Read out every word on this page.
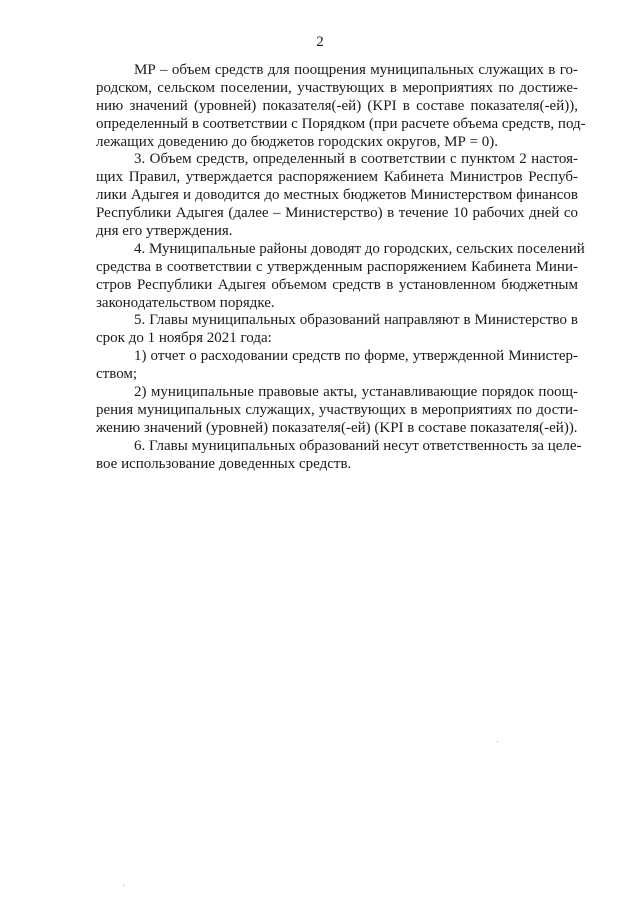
2
МР – объем средств для поощрения муниципальных служащих в го-
родском, сельском поселении, участвующих в мероприятиях по достиже-
нию значений (уровней) показателя(-ей) (KPI в составе показателя(-ей)),
определенный в соответствии с Порядком (при расчете объема средств, под-
лежащих доведению до бюджетов городских округов, МР = 0).
3. Объем средств, определенный в соответствии с пунктом 2 настоя-
щих Правил, утверждается распоряжением Кабинета Министров Респуб-
лики Адыгея и доводится до местных бюджетов Министерством финансов
Республики Адыгея (далее – Министерство) в течение 10 рабочих дней со
дня его утверждения.
4. Муниципальные районы доводят до городских, сельских поселений
средства в соответствии с утвержденным распоряжением Кабинета Мини-
стров Республики Адыгея объемом средств в установленном бюджетным
законодательством порядке.
5. Главы муниципальных образований направляют в Министерство в
срок до 1 ноября 2021 года:
1) отчет о расходовании средств по форме, утвержденной Министер-
ством;
2) муниципальные правовые акты, устанавливающие порядок поощ-
рения муниципальных служащих, участвующих в мероприятиях по дости-
жению значений (уровней) показателя(-ей) (KPI в составе показателя(-ей)).
6. Главы муниципальных образований несут ответственность за целе-
вое использование доведенных средств.
